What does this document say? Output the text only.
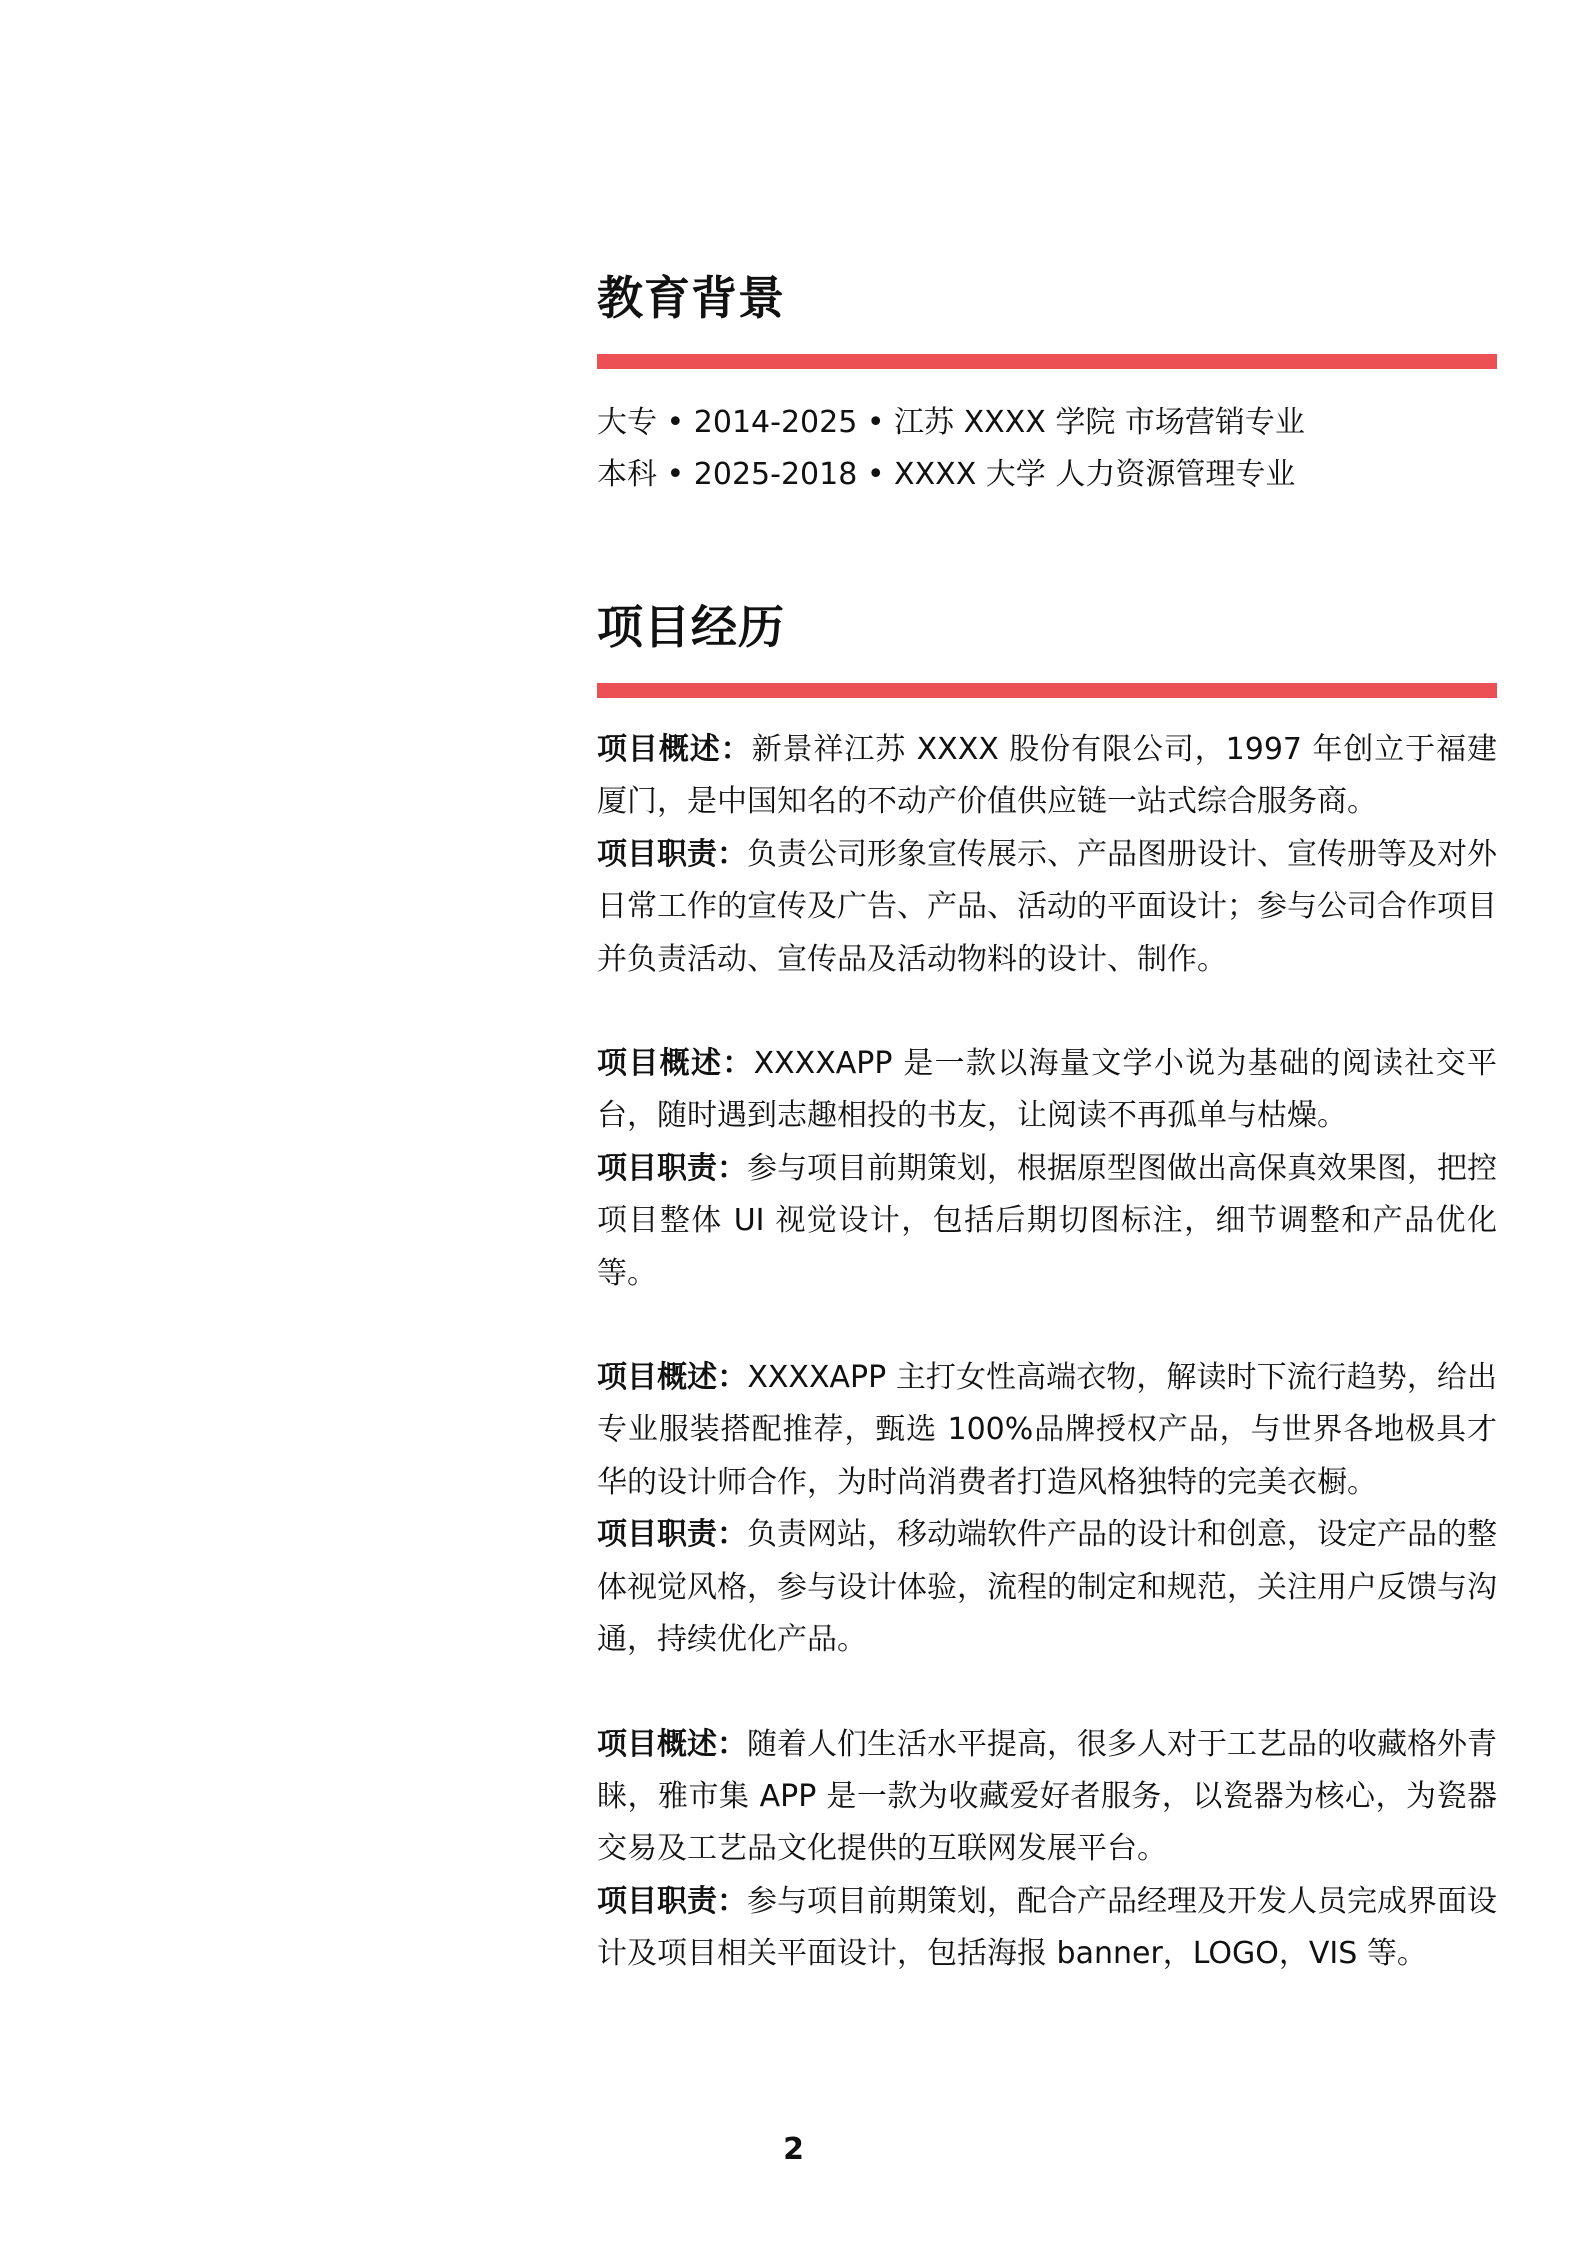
教育背景
大专 • 2014-2025 • 江苏 XXXX 学院 市场营销专业
本科 • 2025-2018 • XXXX 大学 人力资源管理专业
项目经历

项目概述：新景祥江苏 XXXX 股份有限公司，1997 年创立于福建厦门，是中国知名的不动产价值供应链一站式综合服务商。

项目职责：负责公司形象宣传展示、产品图册设计、宣传册等及对外日常工作的宣传及广告、产品、活动的平面设计；参与公司合作项目并负责活动、宣传品及活动物料的设计、制作。

项目概述：XXXXAPP 是一款以海量文学小说为基础的阅读社交平台，随时遇到志趣相投的书友，让阅读不再孤单与枯燥。

项目职责：参与项目前期策划，根据原型图做出高保真效果图，把控项目整体 UI 视觉设计，包括后期切图标注，细节调整和产品优化等。

项目概述：XXXXAPP 主打女性高端衣物，解读时下流行趋势，给出专业服装搭配推荐，甄选 100%品牌授权产品，与世界各地极具才华的设计师合作，为时尚消费者打造风格独特的完美衣橱。

项目职责：负责网站，移动端软件产品的设计和创意，设定产品的整体视觉风格，参与设计体验，流程的制定和规范，关注用户反馈与沟通，持续优化产品。

项目概述：随着人们生活水平提高，很多人对于工艺品的收藏格外青睐，雅市集 APP 是一款为收藏爱好者服务，以瓷器为核心，为瓷器交易及工艺品文化提供的互联网发展平台。

项目职责：参与项目前期策划，配合产品经理及开发人员完成界面设计及项目相关平面设计，包括海报 banner，LOGO，VIS 等。

2
